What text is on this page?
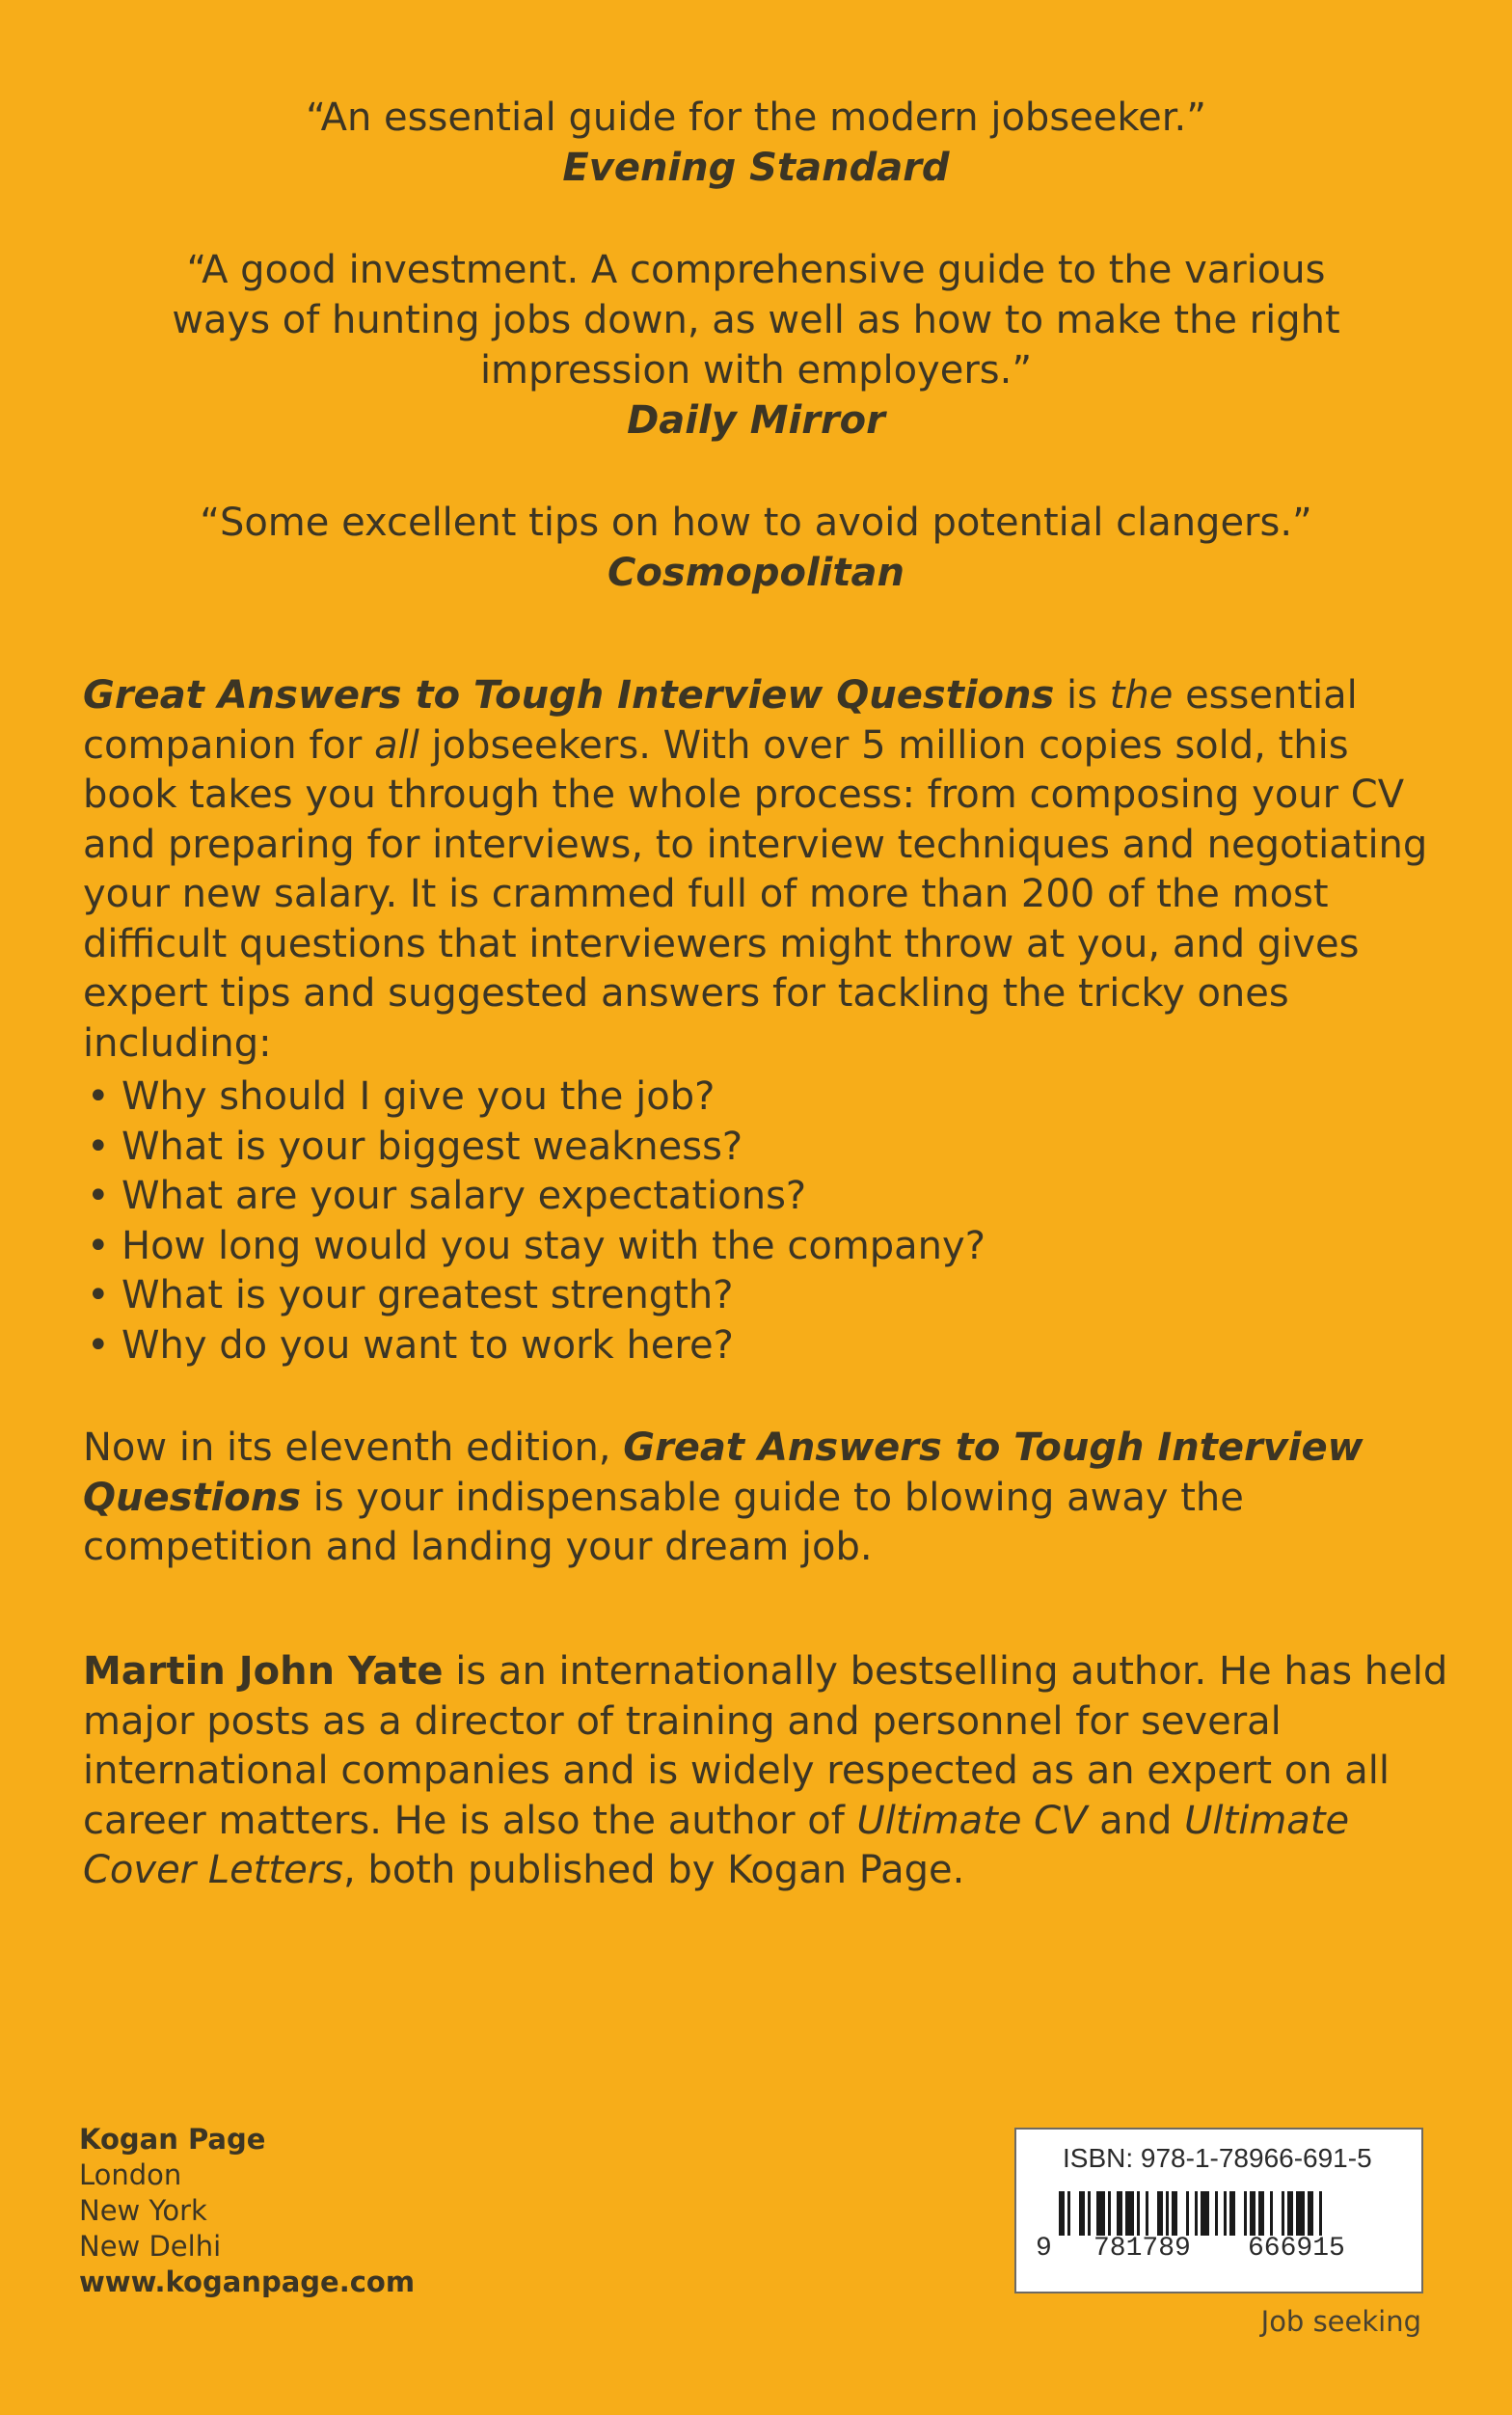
“An essential guide for the modern jobseeker.”

Evening Standard

“A good investment. A comprehensive guide to the various

ways of hunting jobs down, as well as how to make the right

impression with employers.”

Daily Mirror

“Some excellent tips on how to avoid potential clangers.”

Cosmopolitan

Great Answers to Tough Interview Questions is the essential companion for all jobseekers. With over 5 million copies sold, this book takes you through the whole process: from composing your CV and preparing for interviews, to interview techniques and negotiating your new salary. It is crammed full of more than 200 of the most difficult questions that interviewers might throw at you, and gives expert tips and suggested answers for tackling the tricky ones including:

• Why should I give you the job?
• What is your biggest weakness?
• What are your salary expectations?
• How long would you stay with the company?
• What is your greatest strength?
• Why do you want to work here?

Now in its eleventh edition, Great Answers to Tough Interview Questions is your indispensable guide to blowing away the competition and landing your dream job.

Martin John Yate is an internationally bestselling author. He has held major posts as a director of training and personnel for several international companies and is widely respected as an expert on all career matters. He is also the author of Ultimate CV and Ultimate Cover Letters, both published by Kogan Page.

Kogan Page
London
New York
New Delhi
www.koganpage.com
ISBN: 978-1-78966-691-5
9 781789 666915
Job seeking
